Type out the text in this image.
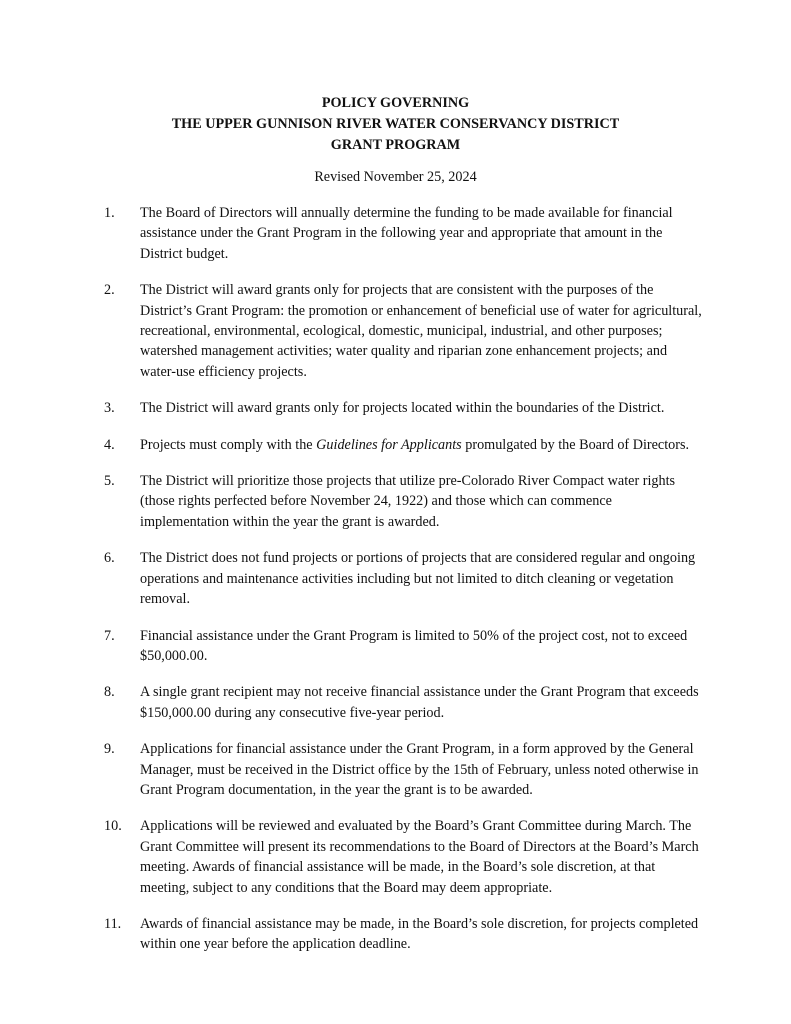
POLICY GOVERNING
THE UPPER GUNNISON RIVER WATER CONSERVANCY DISTRICT
GRANT PROGRAM
Revised November 25, 2024
1.	The Board of Directors will annually determine the funding to be made available for financial assistance under the Grant Program in the following year and appropriate that amount in the District budget.
2.	The District will award grants only for projects that are consistent with the purposes of the District’s Grant Program: the promotion or enhancement of beneficial use of water for agricultural, recreational, environmental, ecological, domestic, municipal, industrial, and other purposes; watershed management activities; water quality and riparian zone enhancement projects; and water-use efficiency projects.
3.	The District will award grants only for projects located within the boundaries of the District.
4.	Projects must comply with the Guidelines for Applicants promulgated by the Board of Directors.
5.	The District will prioritize those projects that utilize pre-Colorado River Compact water rights (those rights perfected before November 24, 1922) and those which can commence implementation within the year the grant is awarded.
6.	The District does not fund projects or portions of projects that are considered regular and ongoing operations and maintenance activities including but not limited to ditch cleaning or vegetation removal.
7.	Financial assistance under the Grant Program is limited to 50% of the project cost, not to exceed $50,000.00.
8.	A single grant recipient may not receive financial assistance under the Grant Program that exceeds $150,000.00 during any consecutive five-year period.
9.	Applications for financial assistance under the Grant Program, in a form approved by the General Manager, must be received in the District office by the 15th of February, unless noted otherwise in Grant Program documentation, in the year the grant is to be awarded.
10.	Applications will be reviewed and evaluated by the Board’s Grant Committee during March. The Grant Committee will present its recommendations to the Board of Directors at the Board’s March meeting. Awards of financial assistance will be made, in the Board’s sole discretion, at that meeting, subject to any conditions that the Board may deem appropriate.
11.	Awards of financial assistance may be made, in the Board’s sole discretion, for projects completed within one year before the application deadline.
